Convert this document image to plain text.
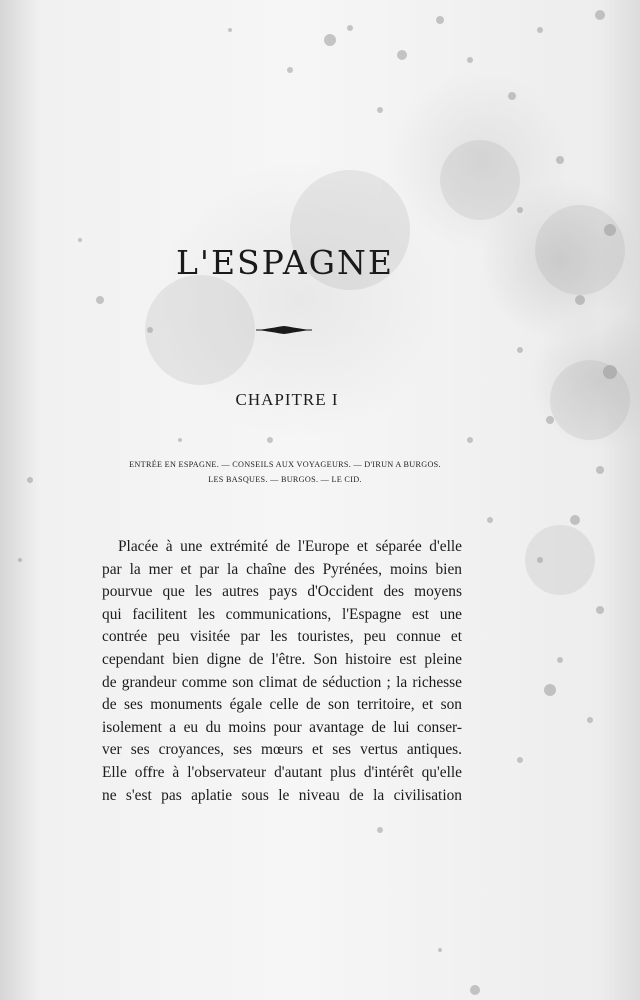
L'ESPAGNE
CHAPITRE I
ENTRÉE EN ESPAGNE. — CONSEILS AUX VOYAGEURS. — D'IRUN A BURGOS.
LES BASQUES. — BURGOS. — LE CID.
Placée à une extrémité de l'Europe et séparée d'elle
par la mer et par la chaîne des Pyrénées, moins bien
pourvue que les autres pays d'Occident des moyens
qui facilitent les communications, l'Espagne est une
contrée peu visitée par les touristes, peu connue et
cependant bien digne de l'être. Son histoire est pleine
de grandeur comme son climat de séduction ; la richesse
de ses monuments égale celle de son territoire, et son
isolement a eu du moins pour avantage de lui conser-
ver ses croyances, ses mœurs et ses vertus antiques.
Elle offre à l'observateur d'autant plus d'intérêt qu'elle
ne s'est pas aplatie sous le niveau de la civilisation
